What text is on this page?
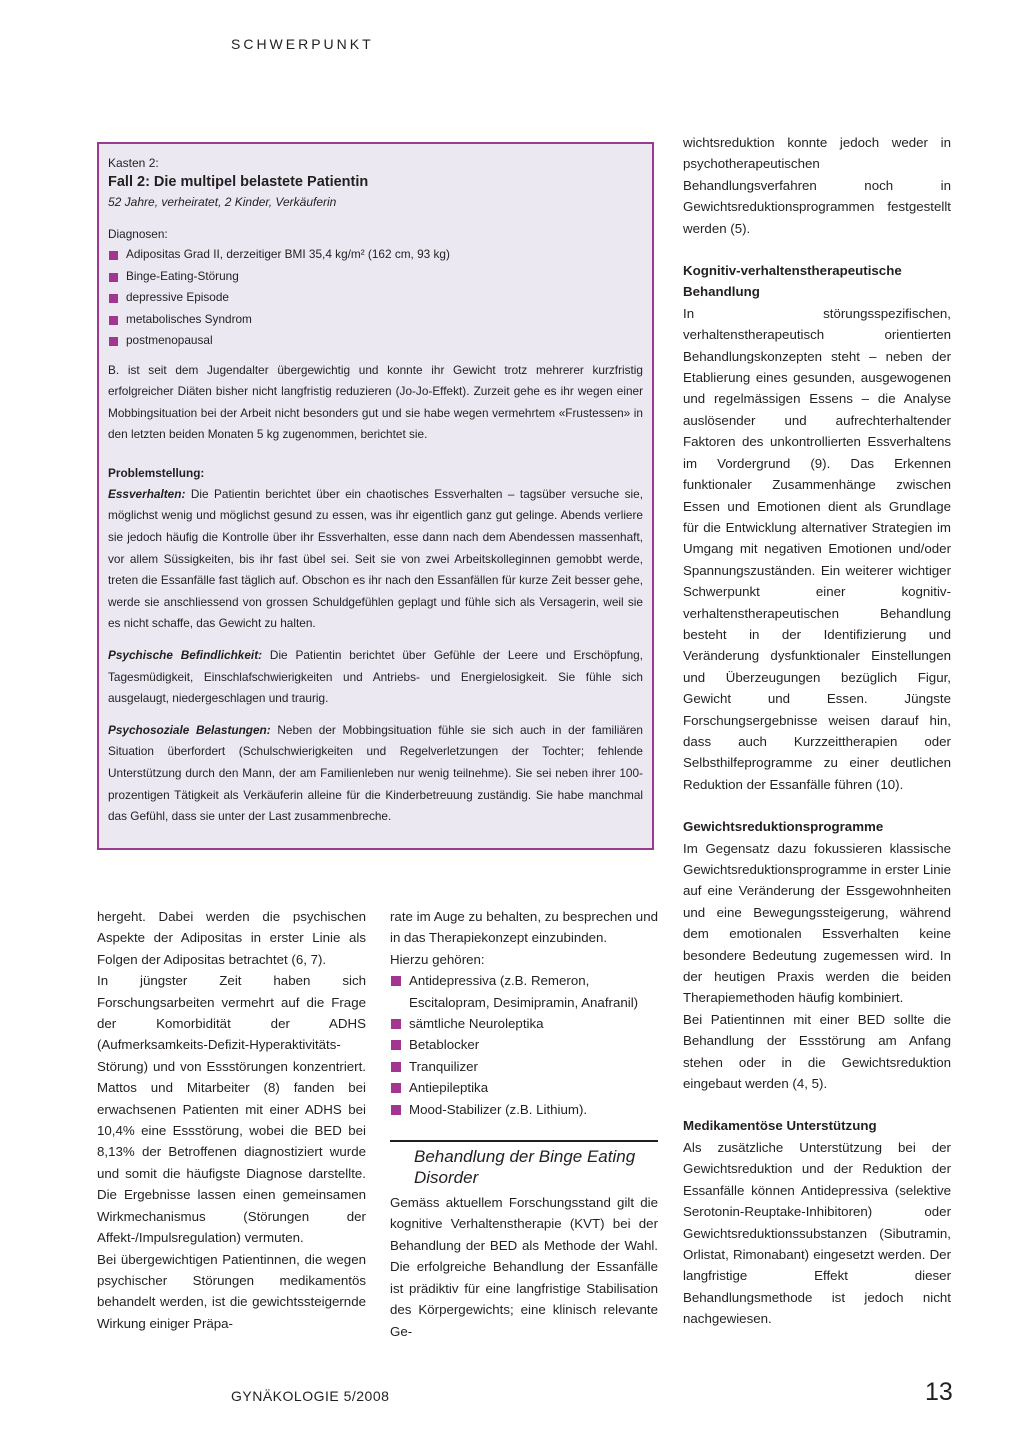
SCHWERPUNKT
Kasten 2:
Fall 2: Die multipel belastete Patientin
52 Jahre, verheiratet, 2 Kinder, Verkäuferin
Diagnosen:
Adipositas Grad II, derzeitiger BMI 35,4 kg/m² (162 cm, 93 kg)
Binge-Eating-Störung
depressive Episode
metabolisches Syndrom
postmenopausal

B. ist seit dem Jugendalter übergewichtig und konnte ihr Gewicht trotz mehrerer kurzfristig erfolgreicher Diäten bisher nicht langfristig reduzieren (Jo-Jo-Effekt). Zurzeit gehe es ihr wegen einer Mobbingsituation bei der Arbeit nicht besonders gut und sie habe wegen vermehrtem «Frustessen» in den letzten beiden Monaten 5 kg zugenommen, berichtet sie.

Problemstellung:

Essverhalten: Die Patientin berichtet über ein chaotisches Essverhalten – tagsüber versuche sie, möglichst wenig und möglichst gesund zu essen, was ihr eigentlich ganz gut gelinge. Abends verliere sie jedoch häufig die Kontrolle über ihr Essverhalten, esse dann nach dem Abendessen massenhaft, vor allem Süssigkeiten, bis ihr fast übel sei. Seit sie von zwei Arbeitskolleginnen gemobbt werde, treten die Essanfälle fast täglich auf. Obschon es ihr nach den Essanfällen für kurze Zeit besser gehe, werde sie anschliessend von grossen Schuldgefühlen geplagt und fühle sich als Versagerin, weil sie es nicht schaffe, das Gewicht zu halten.

Psychische Befindlichkeit: Die Patientin berichtet über Gefühle der Leere und Erschöpfung, Tagesmüdigkeit, Einschlafschwierigkeiten und Antriebs- und Energielosigkeit. Sie fühle sich ausgelaugt, niedergeschlagen und traurig.

Psychosoziale Belastungen: Neben der Mobbingsituation fühle sie sich auch in der familiären Situation überfordert (Schulschwierigkeiten und Regelverletzungen der Tochter; fehlende Unterstützung durch den Mann, der am Familienleben nur wenig teilnehme). Sie sei neben ihrer 100-prozentigen Tätigkeit als Verkäuferin alleine für die Kinderbetreuung zuständig. Sie habe manchmal das Gefühl, dass sie unter der Last zusammenbreche.

hergeht. Dabei werden die psychischen Aspekte der Adipositas in erster Linie als Folgen der Adipositas betrachtet (6, 7).

In jüngster Zeit haben sich Forschungsarbeiten vermehrt auf die Frage der Komorbidität der ADHS (Aufmerksamkeits-Defizit-Hyperaktivitäts-Störung) und von Essstörungen konzentriert. Mattos und Mitarbeiter (8) fanden bei erwachsenen Patienten mit einer ADHS bei 10,4% eine Essstörung, wobei die BED bei 8,13% der Betroffenen diagnostiziert wurde und somit die häufigste Diagnose darstellte. Die Ergebnisse lassen einen gemeinsamen Wirkmechanismus (Störungen der Affekt-/Impulsregulation) vermuten.

Bei übergewichtigen Patientinnen, die wegen psychischer Störungen medikamentös behandelt werden, ist die gewichtssteigernde Wirkung einiger Präpa-

rate im Auge zu behalten, zu besprechen und in das Therapiekonzept einzubinden.

Hierzu gehören:

Antidepressiva (z.B. Remeron, Escitalopram, Desimipramin, Anafranil)
sämtliche Neuroleptika
Betablocker
Tranquilizer
Antiepileptika
Mood-Stabilizer (z.B. Lithium).
Behandlung der Binge Eating Disorder

Gemäss aktuellem Forschungsstand gilt die kognitive Verhaltenstherapie (KVT) bei der Behandlung der BED als Methode der Wahl. Die erfolgreiche Behandlung der Essanfälle ist prädiktiv für eine langfristige Stabilisation des Körpergewichts; eine klinisch relevante Ge-

wichtsreduktion konnte jedoch weder in psychotherapeutischen Behandlungsverfahren noch in Gewichtsreduktionsprogrammen festgestellt werden (5).

Kognitiv-verhaltenstherapeutische Behandlung

In störungsspezifischen, verhaltenstherapeutisch orientierten Behandlungskonzepten steht – neben der Etablierung eines gesunden, ausgewogenen und regelmässigen Essens – die Analyse auslösender und aufrechterhaltender Faktoren des unkontrollierten Essverhaltens im Vordergrund (9). Das Erkennen funktionaler Zusammenhänge zwischen Essen und Emotionen dient als Grundlage für die Entwicklung alternativer Strategien im Umgang mit negativen Emotionen und/oder Spannungszuständen. Ein weiterer wichtiger Schwerpunkt einer kognitiv-verhaltenstherapeutischen Behandlung besteht in der Identifizierung und Veränderung dysfunktionaler Einstellungen und Überzeugungen bezüglich Figur, Gewicht und Essen. Jüngste Forschungsergebnisse weisen darauf hin, dass auch Kurzzeittherapien oder Selbsthilfeprogramme zu einer deutlichen Reduktion der Essanfälle führen (10).

Gewichtsreduktionsprogramme

Im Gegensatz dazu fokussieren klassische Gewichtsreduktionsprogramme in erster Linie auf eine Veränderung der Essgewohnheiten und eine Bewegungssteigerung, während dem emotionalen Essverhalten keine besondere Bedeutung zugemessen wird. In der heutigen Praxis werden die beiden Therapiemethoden häufig kombiniert.

Bei Patientinnen mit einer BED sollte die Behandlung der Essstörung am Anfang stehen oder in die Gewichtsreduktion eingebaut werden (4, 5).

Medikamentöse Unterstützung

Als zusätzliche Unterstützung bei der Gewichtsreduktion und der Reduktion der Essanfälle können Antidepressiva (selektive Serotonin-Reuptake-Inhibitoren) oder Gewichtsreduktionssubstanzen (Sibutramin, Orlistat, Rimonabant) eingesetzt werden. Der langfristige Effekt dieser Behandlungsmethode ist jedoch nicht nachgewiesen.

GYNÄKOLOGIE 5/2008	13
